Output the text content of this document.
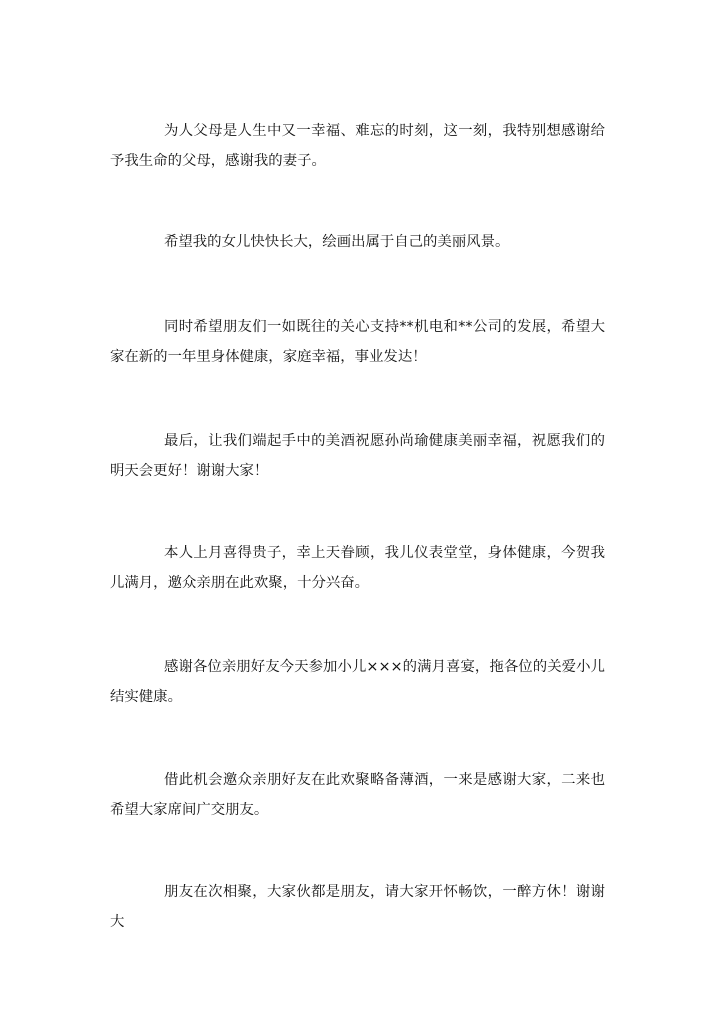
为人父母是人生中又一幸福、难忘的时刻，这一刻，我特别想感谢给予我生命的父母，感谢我的妻子。

希望我的女儿快快长大，绘画出属于自己的美丽风景。

同时希望朋友们一如既往的关心支持**机电和**公司的发展，希望大家在新的一年里身体健康，家庭幸福，事业发达！

最后，让我们端起手中的美酒祝愿孙尚瑜健康美丽幸福，祝愿我们的明天会更好！谢谢大家！

本人上月喜得贵子，幸上天眷顾，我儿仪表堂堂，身体健康，今贺我儿满月，邀众亲朋在此欢聚，十分兴奋。

感谢各位亲朋好友今天参加小儿×××的满月喜宴，拖各位的关爱小儿结实健康。

借此机会邀众亲朋好友在此欢聚略备薄酒，一来是感谢大家，二来也希望大家席间广交朋友。

朋友在次相聚，大家伙都是朋友，请大家开怀畅饮，一醉方休！谢谢大
